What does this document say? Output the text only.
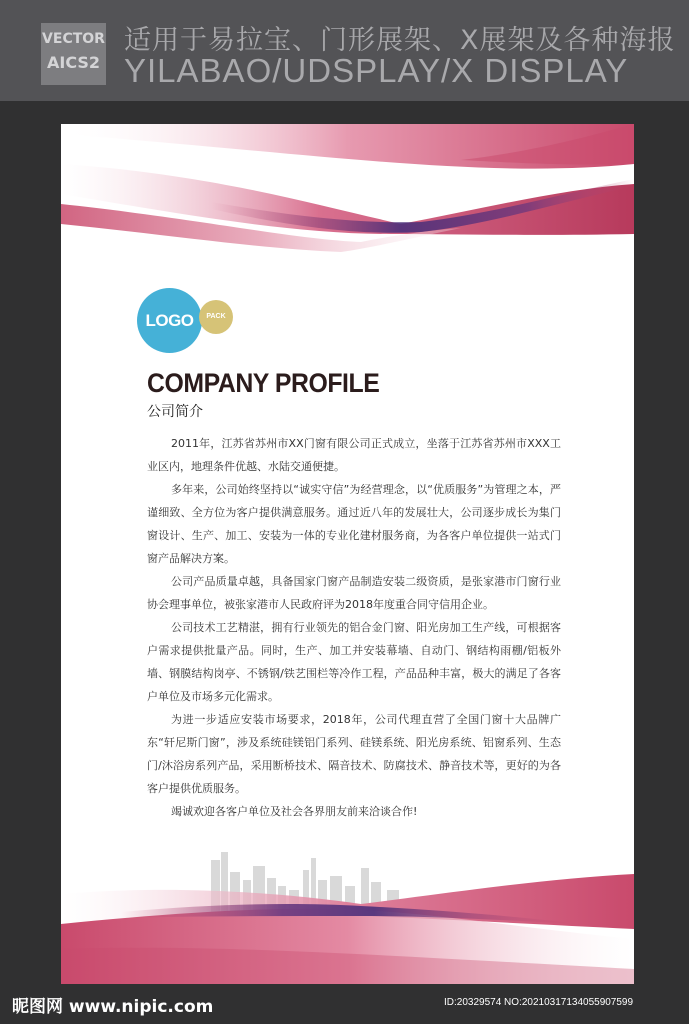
VECTOR
AICS2
适用于易拉宝、门形展架、X展架及各种海报
YILABAO/UDSPLAY/X DISPLAY
LOGO	PACK
COMPANY PROFILE
公司简介

2011年，江苏省苏州市XX门窗有限公司正式成立，坐落于江苏省苏州市XXX工业区内，地理条件优越、水陆交通便捷。

多年来，公司始终坚持以“诚实守信”为经营理念，以“优质服务”为管理之本，严谨细致、全方位为客户提供满意服务。通过近八年的发展壮大，公司逐步成长为集门窗设计、生产、加工、安装为一体的专业化建材服务商，为各客户单位提供一站式门窗产品解决方案。

公司产品质量卓越，具备国家门窗产品制造安装二级资质，是张家港市门窗行业协会理事单位，被张家港市人民政府评为2018年度重合同守信用企业。

公司技术工艺精湛，拥有行业领先的铝合金门窗、阳光房加工生产线，可根据客户需求提供批量产品。同时，生产、加工并安装幕墙、自动门、钢结构雨棚/铝板外墙、钢膜结构岗亭、不锈钢/铁艺围栏等冷作工程，产品品种丰富，极大的满足了各客户单位及市场多元化需求。

为进一步适应安装市场要求，2018年，公司代理直营了全国门窗十大品牌广东“轩尼斯门窗”，涉及系统硅镁铝门系列、硅镁系统、阳光房系统、铝窗系列、生态门/沐浴房系列产品，采用断桥技术、隔音技术、防腐技术、静音技术等，更好的为各客户提供优质服务。

竭诚欢迎各客户单位及社会各界朋友前来洽谈合作!

昵图网 www.nipic.com	ID:20329574 NO:20210317134055907599
